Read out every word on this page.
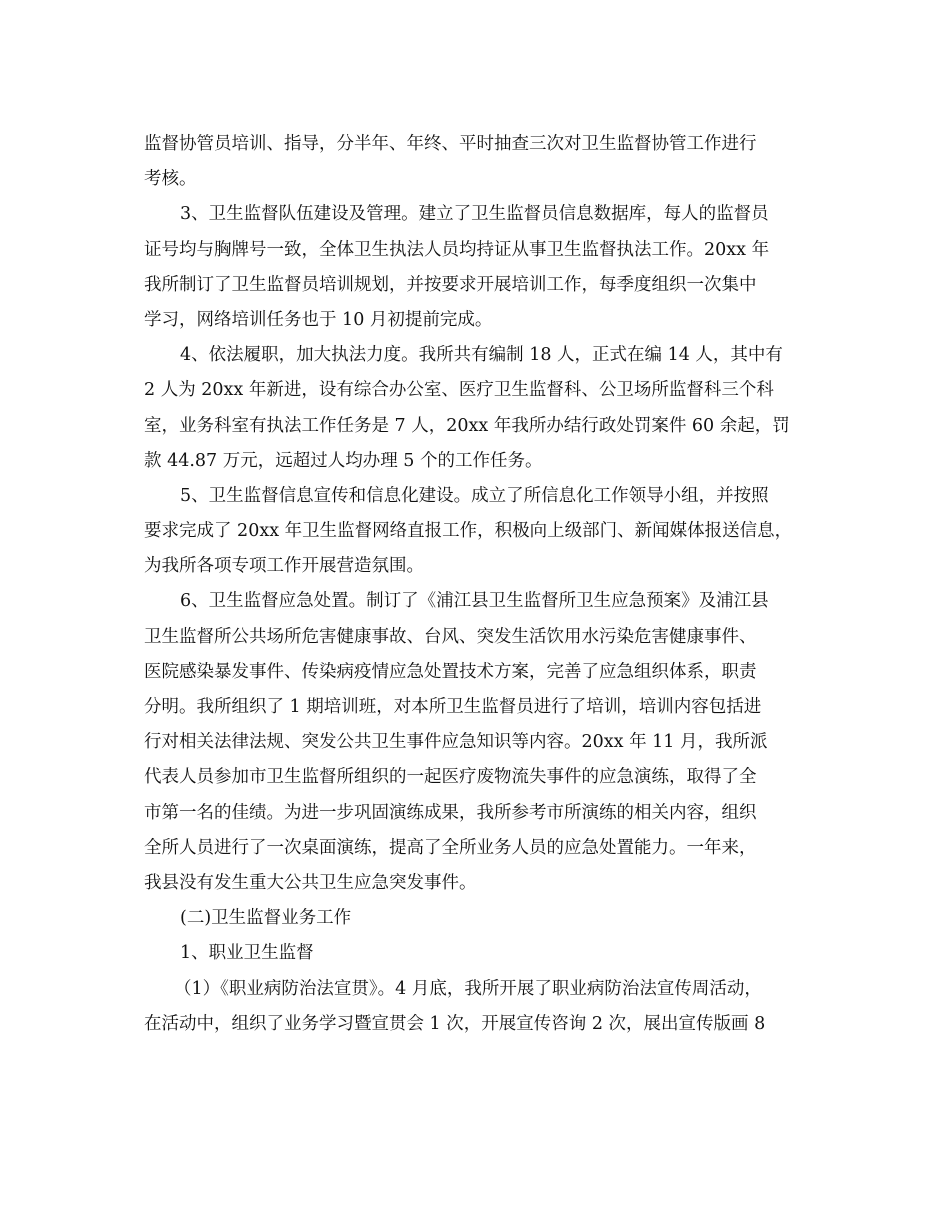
监督协管员培训、指导，分半年、年终、平时抽查三次对卫生监督协管工作进行
考核。
3、卫生监督队伍建设及管理。建立了卫生监督员信息数据库，每人的监督员
证号均与胸牌号一致，全体卫生执法人员均持证从事卫生监督执法工作。20xx 年
我所制订了卫生监督员培训规划，并按要求开展培训工作，每季度组织一次集中
学习，网络培训任务也于 10 月初提前完成。
4、依法履职，加大执法力度。我所共有编制 18 人，正式在编 14 人，其中有
2 人为 20xx 年新进，设有综合办公室、医疗卫生监督科、公卫场所监督科三个科
室，业务科室有执法工作任务是 7 人，20xx 年我所办结行政处罚案件 60 余起，罚
款 44.87 万元，远超过人均办理 5 个的工作任务。
5、卫生监督信息宣传和信息化建设。成立了所信息化工作领导小组，并按照
要求完成了 20xx 年卫生监督网络直报工作，积极向上级部门、新闻媒体报送信息，
为我所各项专项工作开展营造氛围。
6、卫生监督应急处置。制订了《浦江县卫生监督所卫生应急预案》及浦江县
卫生监督所公共场所危害健康事故、台风、突发生活饮用水污染危害健康事件、
医院感染暴发事件、传染病疫情应急处置技术方案，完善了应急组织体系，职责
分明。我所组织了 1 期培训班，对本所卫生监督员进行了培训，培训内容包括进
行对相关法律法规、突发公共卫生事件应急知识等内容。20xx 年 11 月，我所派
代表人员参加市卫生监督所组织的一起医疗废物流失事件的应急演练，取得了全
市第一名的佳绩。为进一步巩固演练成果，我所参考市所演练的相关内容，组织
全所人员进行了一次桌面演练，提高了全所业务人员的应急处置能力。一年来，
我县没有发生重大公共卫生应急突发事件。
(二)卫生监督业务工作
1、职业卫生监督
（1）《职业病防治法宣贯》。4 月底，我所开展了职业病防治法宣传周活动，
在活动中，组织了业务学习暨宣贯会 1 次，开展宣传咨询 2 次，展出宣传版画 8
